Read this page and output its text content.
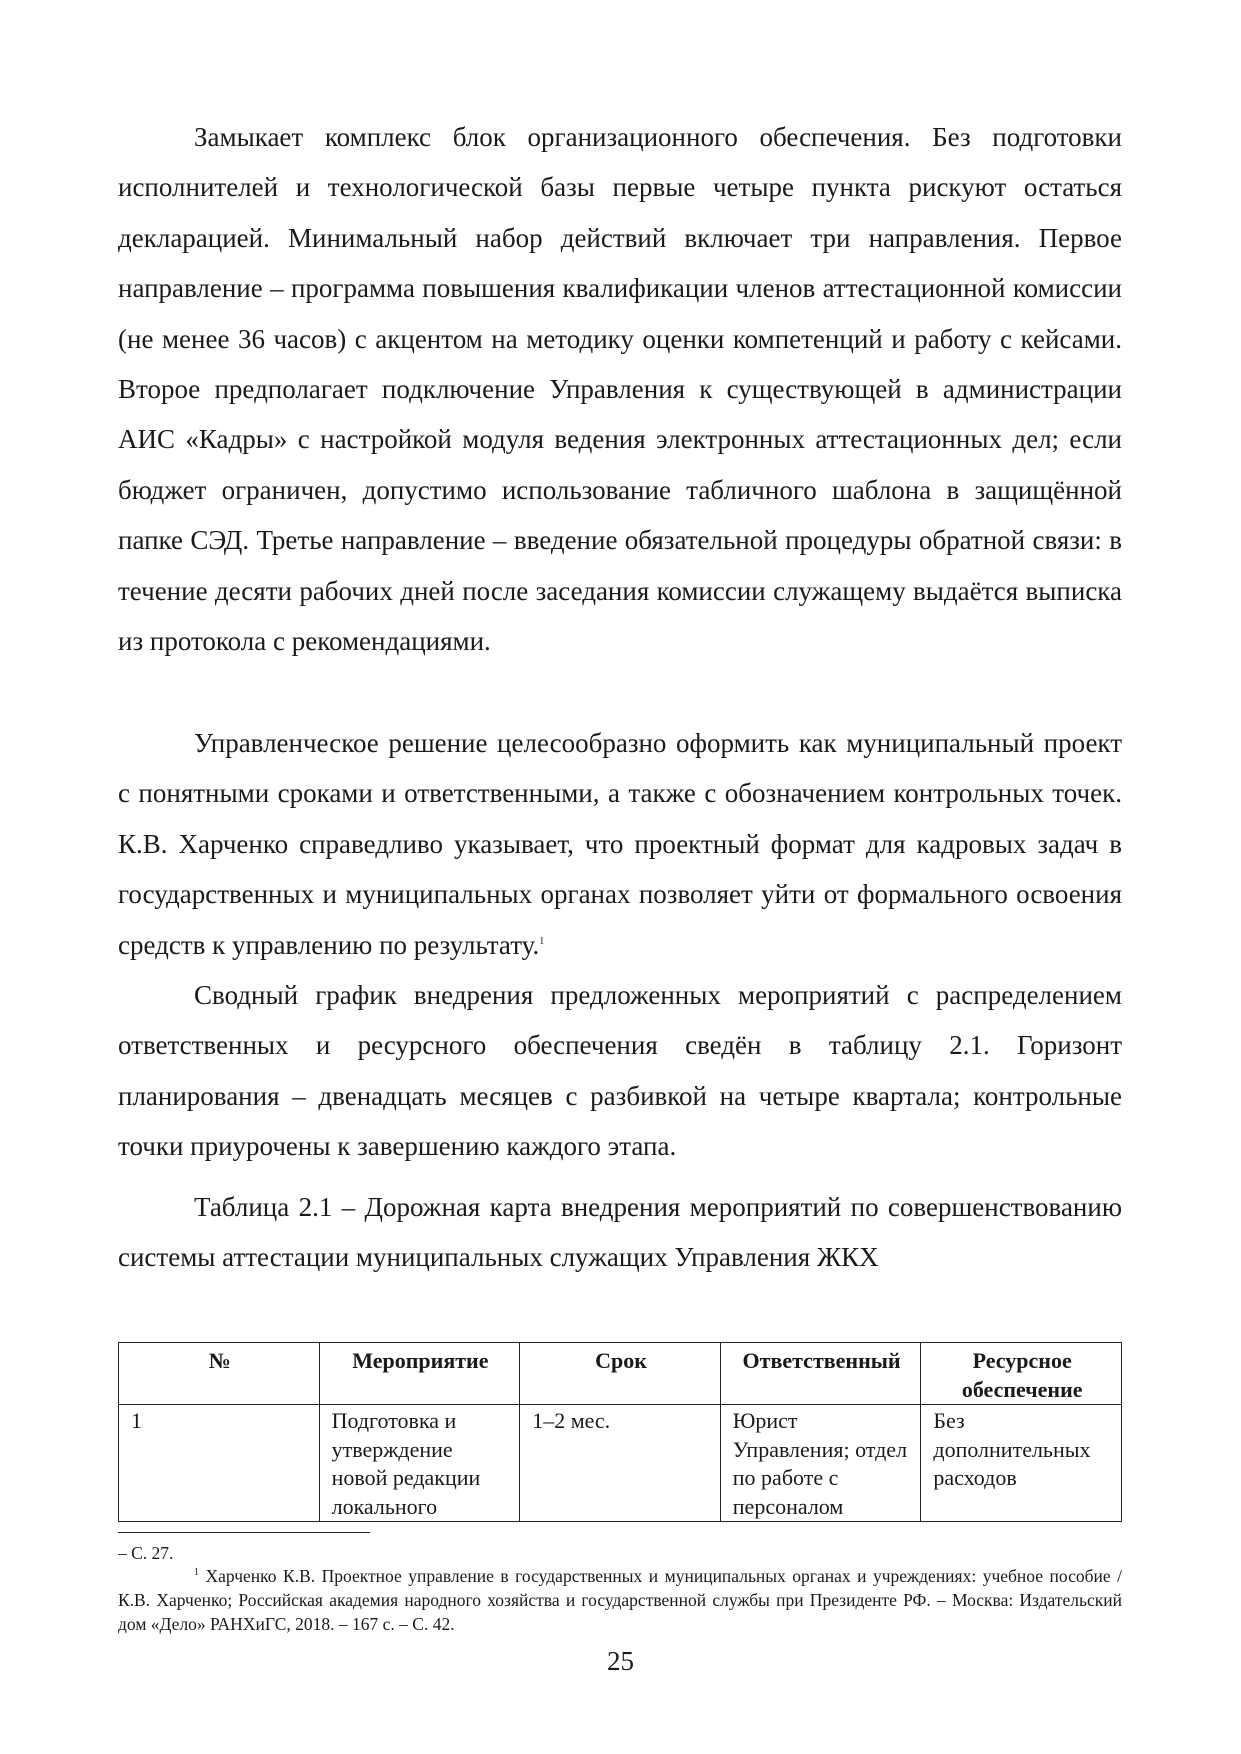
Замыкает комплекс блок организационного обеспечения. Без подготовки исполнителей и технологической базы первые четыре пункта рискуют остаться декларацией. Минимальный набор действий включает три направления. Первое направление – программа повышения квалификации членов аттестационной комиссии (не менее 36 часов) с акцентом на методику оценки компетенций и работу с кейсами. Второе предполагает подключение Управления к существующей в администрации АИС «Кадры» с настройкой модуля ведения электронных аттестационных дел; если бюджет ограничен, допустимо использование табличного шаблона в защищённой папке СЭД. Третье направление – введение обязательной процедуры обратной связи: в течение десяти рабочих дней после заседания комиссии служащему выдаётся выписка из протокола с рекомендациями.

Управленческое решение целесообразно оформить как муниципальный проект с понятными сроками и ответственными, а также с обозначением контрольных точек. К.В. Харченко справедливо указывает, что проектный формат для кадровых задач в государственных и муниципальных органах позволяет уйти от формального освоения средств к управлению по результату.$^1$

Сводный график внедрения предложенных мероприятий с распределением ответственных и ресурсного обеспечения сведён в таблицу 2.1. Горизонт планирования – двенадцать месяцев с разбивкой на четыре квартала; контрольные точки приурочены к завершению каждого этапа.

Таблица 2.1 – Дорожная карта внедрения мероприятий по совершенствованию системы аттестации муниципальных служащих Управления ЖКХ

№	Мероприятие	Срок	Ответственный	Ресурсное обеспечение
1	Подготовка и утверждение новой редакции локального	1–2 мес.	Юрист Управления; отдел по работе с персоналом	Без дополнительных расходов

– С. 27.

$^1$ Харченко К.В. Проектное управление в государственных и муниципальных органах и учреждениях: учебное пособие / К.В. Харченко; Российская академия народного хозяйства и государственной службы при Президенте РФ. – Москва: Издательский дом «Дело» РАНХиГС, 2018. – 167 с. – С. 42.

25
